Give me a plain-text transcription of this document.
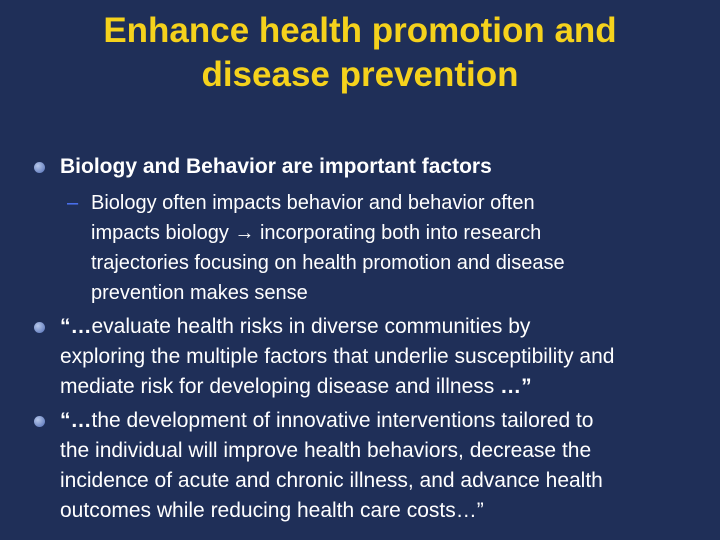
Enhance health promotion and
disease prevention
Biology and Behavior are important factors
– Biology often impacts behavior and behavior often
impacts biology → incorporating both into research
trajectories focusing on health promotion and disease
prevention makes sense
“…evaluate health risks in diverse communities by
exploring the multiple factors that underlie susceptibility and
mediate risk for developing disease and illness …”
“…the development of innovative interventions tailored to
the individual will improve health behaviors, decrease the
incidence of acute and chronic illness, and advance health
outcomes while reducing health care costs…”
